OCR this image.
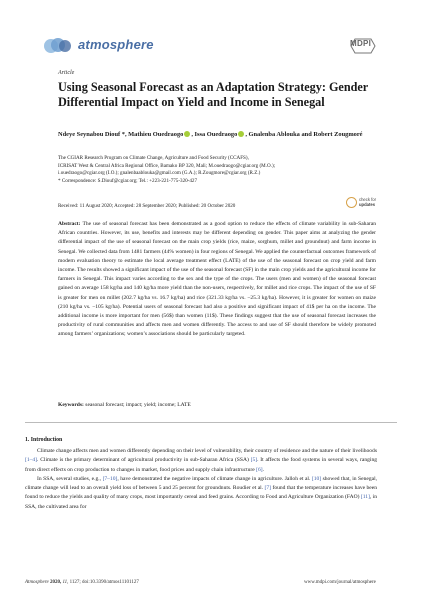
atmosphere	MDPI
Article
Using Seasonal Forecast as an Adaptation Strategy: Gender Differential Impact on Yield and Income in Senegal
Ndeye Seynabou Diouf *, Mathieu Ouedraogo , Issa Ouedraogo , Gnalenba Ablouka and Robert Zougmoré
The CGIAR Research Program on Climate Change, Agriculture and Food Security (CCAFS),
ICRISAT West & Central Africa Regional Office, Bamako BP 320, Mali; M.ouedraogo@cgiar.org (M.O.);
i.ouedraogo@cgiar.org (I.O.); gnalenbaablouka@gmail.com (G.A.); R.Zougmore@cgiar.org (R.Z.)
* Correspondence: S.Diouf@cgiar.org; Tel.: +223-221-775-320-427
Received: 11 August 2020; Accepted: 28 September 2020; Published: 20 October 2020
check for
updates
Abstract: The use of seasonal forecast has been demonstrated as a good option to reduce the effects of climate variability in sub-Saharan African countries. However, its use, benefits and interests may be different depending on gender. This paper aims at analyzing the gender differential impact of the use of seasonal forecast on the main crop yields (rice, maize, sorghum, millet and groundnut) and farm income in Senegal. We collected data from 1481 farmers (44% women) in four regions of Senegal. We applied the counterfactual outcomes framework of modern evaluation theory to estimate the local average treatment effect (LATE) of the use of the seasonal forecast on crop yield and farm income. The results showed a significant impact of the use of the seasonal forecast (SF) in the main crop yields and the agricultural income for farmers in Senegal. This impact varies according to the sex and the type of the crops. The users (men and women) of the seasonal forecast gained on average 158 kg/ha and 140 kg/ha more yield than the non-users, respectively, for millet and rice crops. The impact of the use of SF is greater for men on millet (202.7 kg/ha vs. 16.7 kg/ha) and rice (321.33 kg/ha vs. −25.3 kg/ha). However, it is greater for women on maize (210 kg/ha vs. −105 kg/ha). Potential users of seasonal forecast had also a positive and significant impact of 41$ per ha on the income. The additional income is more important for men (56$) than women (11$). These findings suggest that the use of seasonal forecast increases the productivity of rural communities and affects men and women differently. The access to and use of SF should therefore be widely promoted among farmers’ organizations; women’s associations should be particularly targeted.
Keywords: seasonal forecast; impact; yield; income; LATE
1. Introduction

Climate change affects men and women differently depending on their level of vulnerability, their country of residence and the nature of their livelihoods [1–4]. Climate is the primary determinant of agricultural productivity in sub-Saharan Africa (SSA) [5]. It affects the food systems in several ways, ranging from direct effects on crop production to changes in market, food prices and supply chain infrastructure [6].

In SSA, several studies, e.g., [7–10], have demonstrated the negative impacts of climate change in agriculture. Jalloh et al. [10] showed that, in Senegal, climate change will lead to an overall yield loss of between 5 and 25 percent for groundnuts. Roudier et al. [7] found that the temperature increases have been found to reduce the yields and quality of many crops, most importantly cereal and feed grains. According to Food and Agriculture Organization (FAO) [11], in SSA, the cultivated area for

Atmosphere 2020, 11, 1127; doi:10.3390/atmos11101127	www.mdpi.com/journal/atmosphere
